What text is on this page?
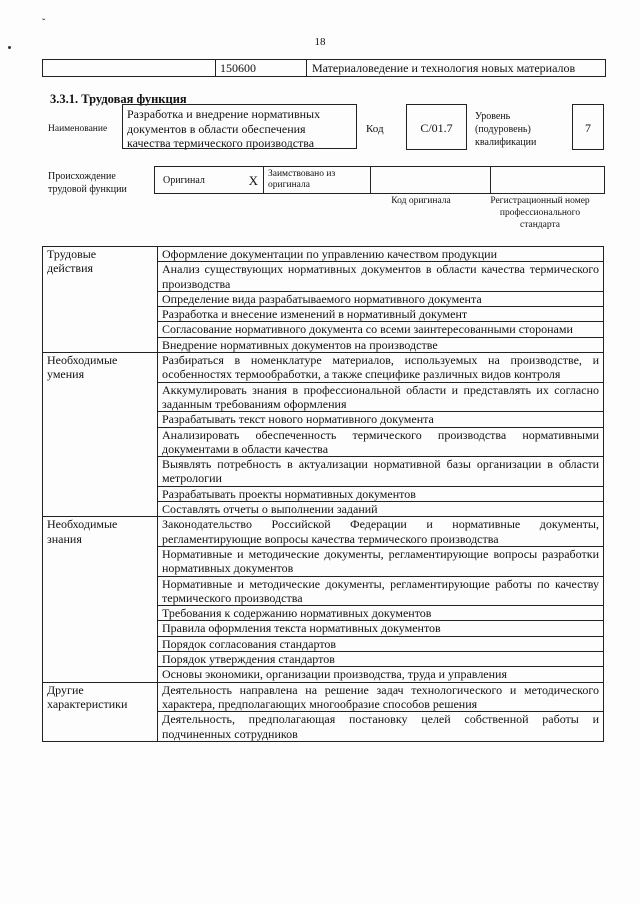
ˇ
18
150600	Материаловедение и технология новых материалов
3.3.1. Трудовая функция
Наименование
Разработка и внедрение нормативных документов в области обеспечения качества термического производства
Код	C/01.7
Уровень
(подуровень)
квалификации
7
Происхождение
трудовой функции
Оригинал	X Заимствовано из
оригинала
Код оригинала	Регистрационный номер
профессионального
стандарта
Трудовые
действия	Оформление документации по управлению качеством продукции
	Анализ существующих нормативных документов в области качества термического производства
	Определение вида разрабатываемого нормативного документа
	Разработка и внесение изменений в нормативный документ
	Согласование нормативного документа со всеми заинтересованными сторонами
	Внедрение нормативных документов на производстве

Необходимые
умения	Разбираться в номенклатуре материалов, используемых на производстве, и особенностях термообработки, а также специфике различных видов контроля
	Аккумулировать знания в профессиональной области и представлять их согласно заданным требованиям оформления
	Разрабатывать текст нового нормативного документа
	Анализировать обеспеченность термического производства нормативными документами в области качества
	Выявлять потребность в актуализации нормативной базы организации в области метрологии
	Разрабатывать проекты нормативных документов
	Составлять отчеты о выполнении заданий

Необходимые
знания	Законодательство Российской Федерации и нормативные документы, регламентирующие вопросы качества термического производства
	Нормативные и методические документы, регламентирующие вопросы разработки нормативных документов
	Нормативные и методические документы, регламентирующие работы по качеству термического производства
	Требования к содержанию нормативных документов
	Правила оформления текста нормативных документов
	Порядок согласования стандартов
	Порядок утверждения стандартов
	Основы экономики, организации производства, труда и управления

Другие
характеристики	Деятельность направлена на решение задач технологического и методического характера, предполагающих многообразие способов решения
	Деятельность, предполагающая постановку целей собственной работы и подчиненных сотрудников
